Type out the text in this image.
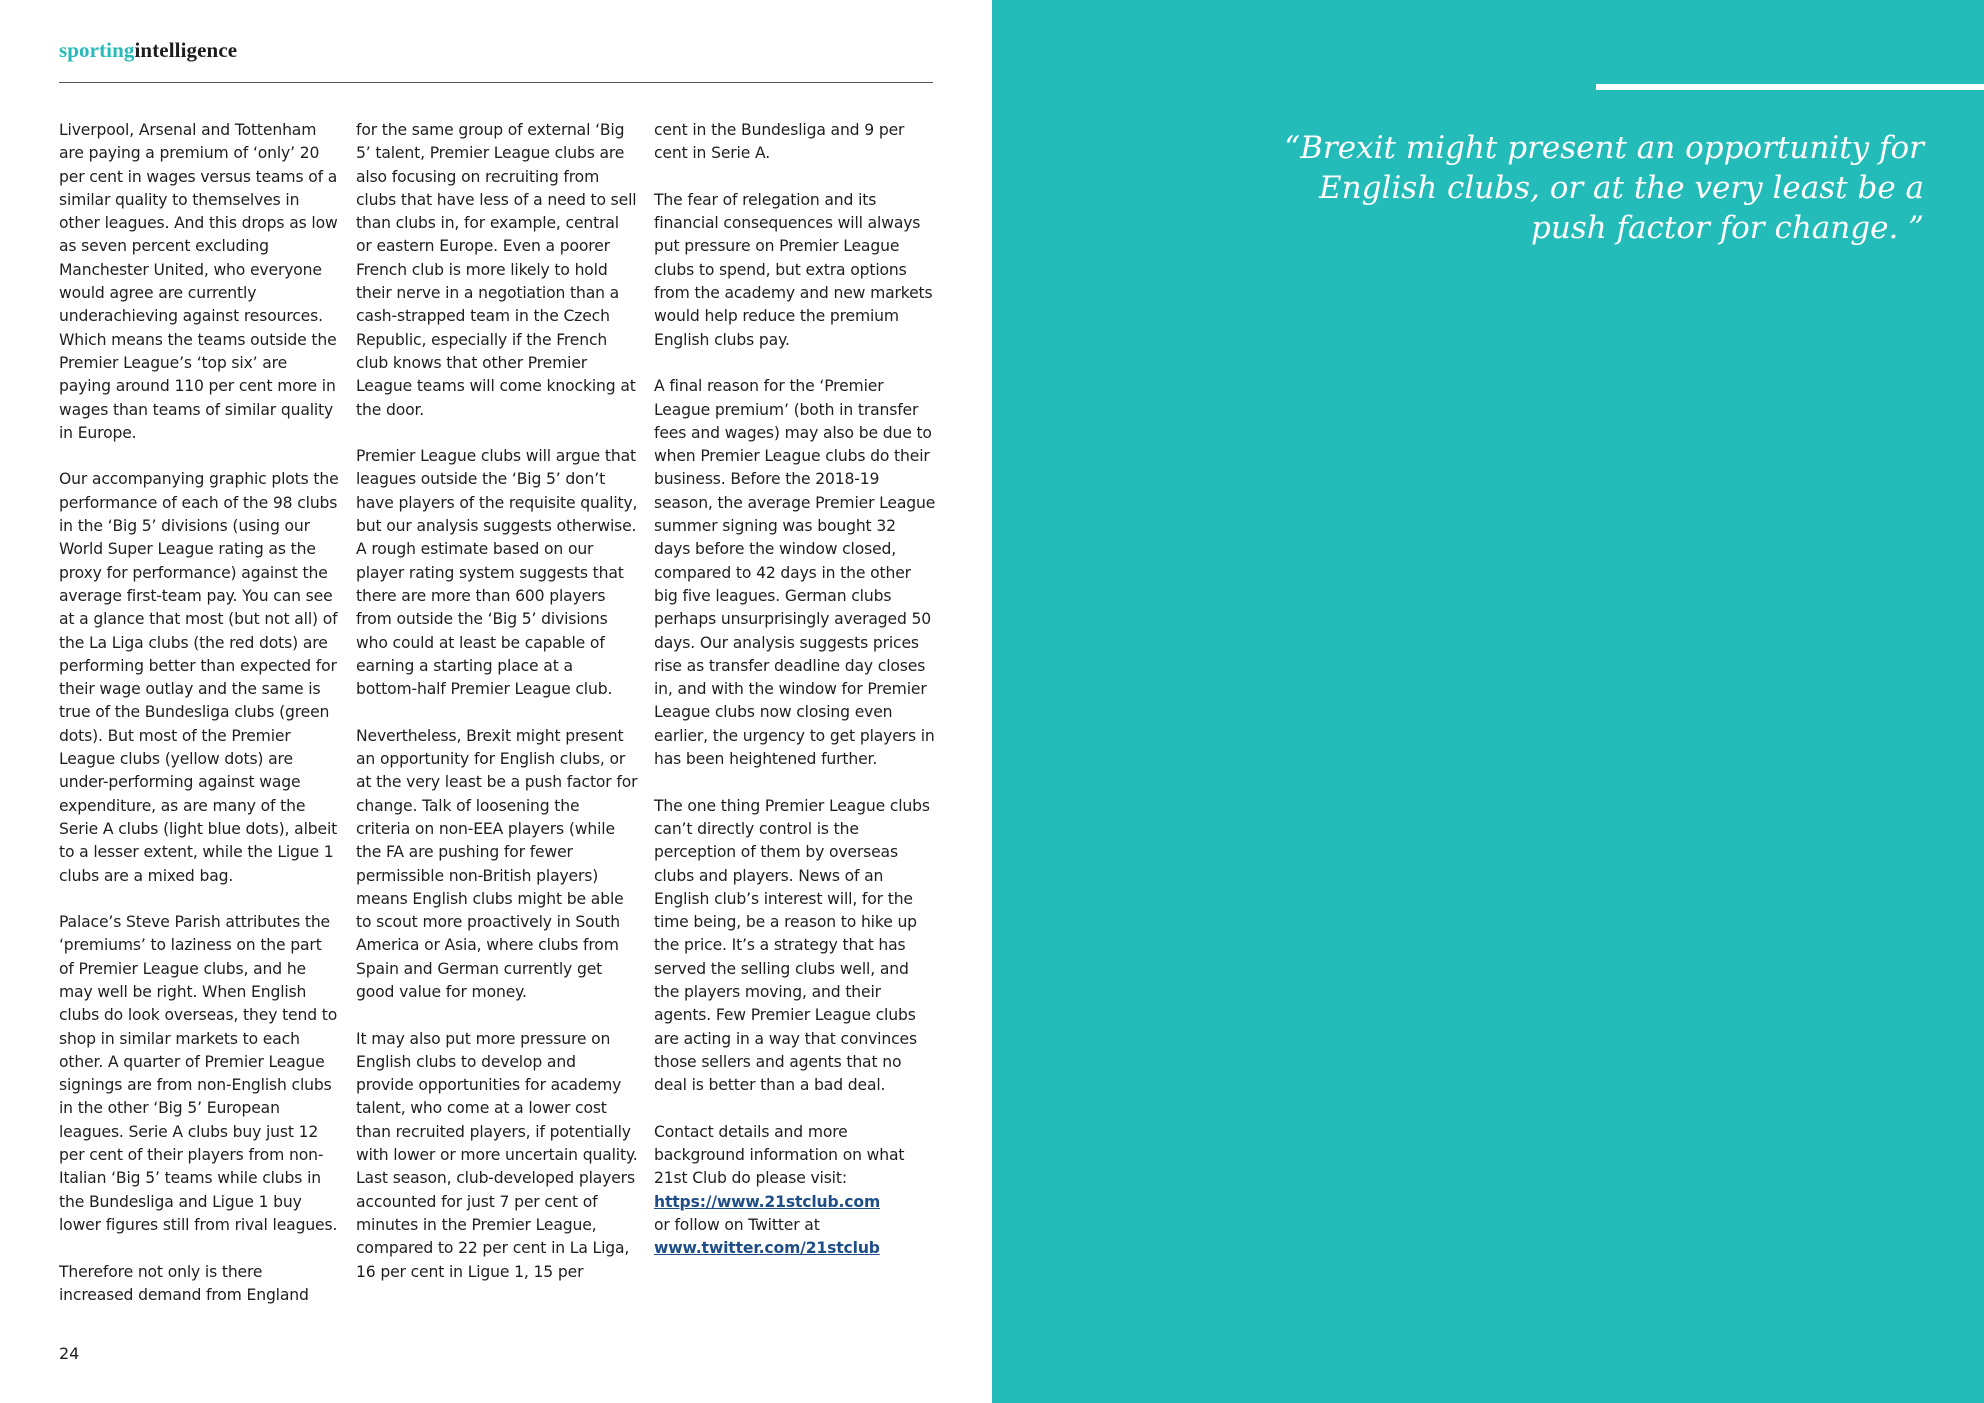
sportingintelligence

Liverpool, Arsenal and Tottenham are paying a premium of ‘only’ 20 per cent in wages versus teams of a similar quality to themselves in other leagues. And this drops as low as seven percent excluding Manchester United, who everyone would agree are currently underachieving against resources. Which means the teams outside the Premier League’s ‘top six’ are paying around 110 per cent more in wages than teams of similar quality in Europe.

Our accompanying graphic plots the performance of each of the 98 clubs in the ‘Big 5’ divisions (using our World Super League rating as the proxy for performance) against the average first-team pay. You can see at a glance that most (but not all) of the La Liga clubs (the red dots) are performing better than expected for their wage outlay and the same is true of the Bundesliga clubs (green dots). But most of the Premier League clubs (yellow dots) are under-performing against wage expenditure, as are many of the Serie A clubs (light blue dots), albeit to a lesser extent, while the Ligue 1 clubs are a mixed bag.

Palace’s Steve Parish attributes the ‘premiums’ to laziness on the part of Premier League clubs, and he may well be right. When English clubs do look overseas, they tend to shop in similar markets to each other. A quarter of Premier League signings are from non-English clubs in the other ‘Big 5’ European leagues. Serie A clubs buy just 12 per cent of their players from non-Italian ‘Big 5’ teams while clubs in the Bundesliga and Ligue 1 buy lower figures still from rival leagues.

Therefore not only is there increased demand from England

for the same group of external ‘Big 5’ talent, Premier League clubs are also focusing on recruiting from clubs that have less of a need to sell than clubs in, for example, central or eastern Europe. Even a poorer French club is more likely to hold their nerve in a negotiation than a cash-strapped team in the Czech Republic, especially if the French club knows that other Premier League teams will come knocking at the door.

Premier League clubs will argue that leagues outside the ‘Big 5’ don’t have players of the requisite quality, but our analysis suggests otherwise. A rough estimate based on our player rating system suggests that there are more than 600 players from outside the ‘Big 5’ divisions who could at least be capable of earning a starting place at a bottom-half Premier League club.

Nevertheless, Brexit might present an opportunity for English clubs, or at the very least be a push factor for change. Talk of loosening the criteria on non-EEA players (while the FA are pushing for fewer permissible non-British players) means English clubs might be able to scout more proactively in South America or Asia, where clubs from Spain and German currently get good value for money.

It may also put more pressure on English clubs to develop and provide opportunities for academy talent, who come at a lower cost than recruited players, if potentially with lower or more uncertain quality. Last season, club-developed players accounted for just 7 per cent of minutes in the Premier League, compared to 22 per cent in La Liga, 16 per cent in Ligue 1, 15 per

cent in the Bundesliga and 9 per cent in Serie A.

The fear of relegation and its financial consequences will always put pressure on Premier League clubs to spend, but extra options from the academy and new markets would help reduce the premium English clubs pay.

A final reason for the ‘Premier League premium’ (both in transfer fees and wages) may also be due to when Premier League clubs do their business. Before the 2018-19 season, the average Premier League summer signing was bought 32 days before the window closed, compared to 42 days in the other big five leagues. German clubs perhaps unsurprisingly averaged 50 days. Our analysis suggests prices rise as transfer deadline day closes in, and with the window for Premier League clubs now closing even earlier, the urgency to get players in has been heightened further.

The one thing Premier League clubs can’t directly control is the perception of them by overseas clubs and players. News of an English club’s interest will, for the time being, be a reason to hike up the price. It’s a strategy that has served the selling clubs well, and the players moving, and their agents. Few Premier League clubs are acting in a way that convinces those sellers and agents that no deal is better than a bad deal.

Contact details and more background information on what 21st Club do please visit:
https://www.21stclub.com
or follow on Twitter at
www.twitter.com/21stclub

24
“Brexit might present an opportunity for English clubs, or at the very least be a push factor for change. ”
